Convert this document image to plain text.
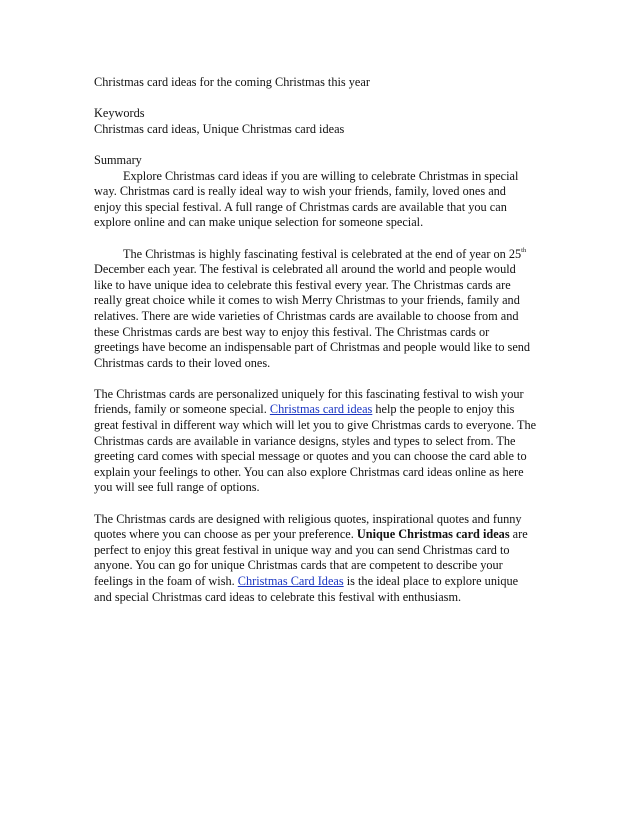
Christmas card ideas for the coming Christmas this year

Keywords
Christmas card ideas, Unique Christmas card ideas

Summary
Explore Christmas card ideas if you are willing to celebrate Christmas in special
way. Christmas card is really ideal way to wish your friends, family, loved ones and
enjoy this special festival. A full range of Christmas cards are available that you can
explore online and can make unique selection for someone special.

The Christmas is highly fascinating festival is celebrated at the end of year on 25th
December each year. The festival is celebrated all around the world and people would
like to have unique idea to celebrate this festival every year. The Christmas cards are
really great choice while it comes to wish Merry Christmas to your friends, family and
relatives. There are wide varieties of Christmas cards are available to choose from and
these Christmas cards are best way to enjoy this festival. The Christmas cards or
greetings have become an indispensable part of Christmas and people would like to send
Christmas cards to their loved ones.

The Christmas cards are personalized uniquely for this fascinating festival to wish your
friends, family or someone special. Christmas card ideas help the people to enjoy this
great festival in different way which will let you to give Christmas cards to everyone. The
Christmas cards are available in variance designs, styles and types to select from. The
greeting card comes with special message or quotes and you can choose the card able to
explain your feelings to other. You can also explore Christmas card ideas online as here
you will see full range of options.

The Christmas cards are designed with religious quotes, inspirational quotes and funny
quotes where you can choose as per your preference. Unique Christmas card ideas are
perfect to enjoy this great festival in unique way and you can send Christmas card to
anyone. You can go for unique Christmas cards that are competent to describe your
feelings in the foam of wish. Christmas Card Ideas is the ideal place to explore unique
and special Christmas card ideas to celebrate this festival with enthusiasm.
